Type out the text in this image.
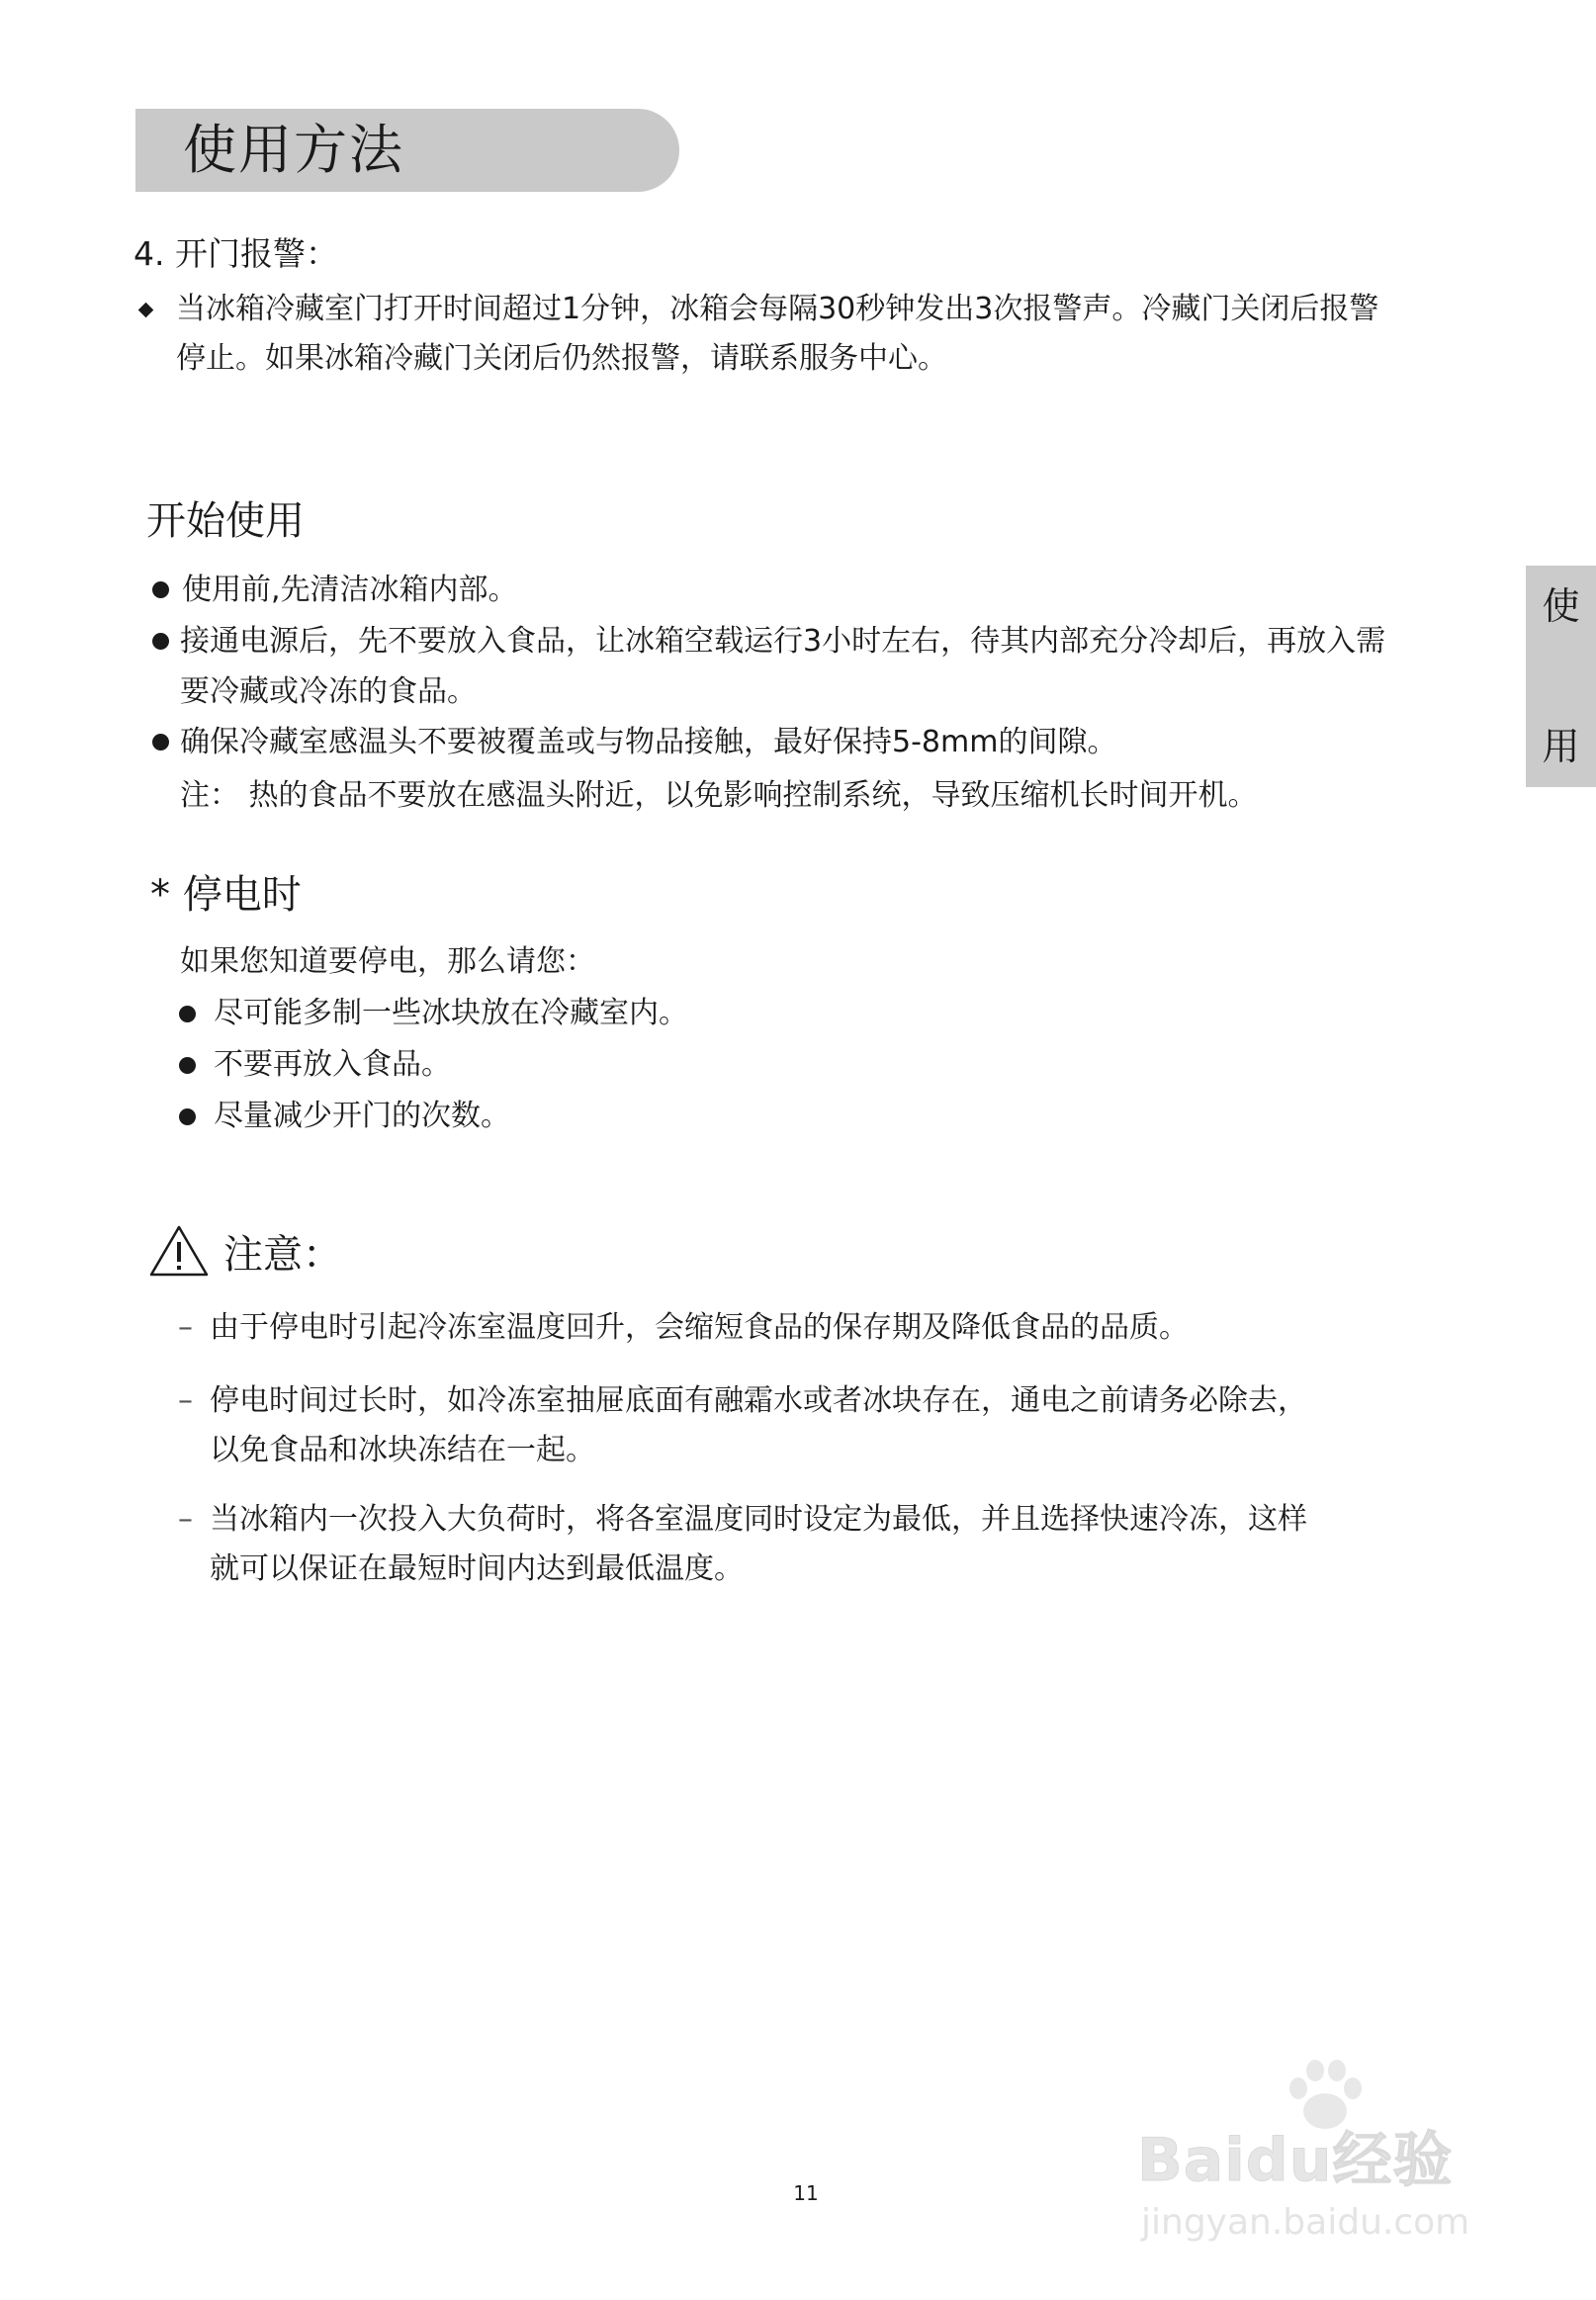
使用方法
使
用
4. 开门报警：
当冰箱冷藏室门打开时间超过1分钟，冰箱会每隔30秒钟发出3次报警声。冷藏门关闭后报警
停止。如果冰箱冷藏门关闭后仍然报警，请联系服务中心。
开始使用
使用前,先清洁冰箱内部。
接通电源后，先不要放入食品，让冰箱空载运行3小时左右，待其内部充分冷却后，再放入需
要冷藏或冷冻的食品。
确保冷藏室感温头不要被覆盖或与物品接触，最好保持5-8mm的间隙。
注： 热的食品不要放在感温头附近，以免影响控制系统，导致压缩机长时间开机。
* 停电时
如果您知道要停电，那么请您：
尽可能多制一些冰块放在冷藏室内。
不要再放入食品。
尽量减少开门的次数。
注意：
– 由于停电时引起冷冻室温度回升，会缩短食品的保存期及降低食品的品质。
– 停电时间过长时，如冷冻室抽屉底面有融霜水或者冰块存在，通电之前请务必除去，
以免食品和冰块冻结在一起。
– 当冰箱内一次投入大负荷时，将各室温度同时设定为最低，并且选择快速冷冻，这样
就可以保证在最短时间内达到最低温度。
11	Baidu经验
jingyan.baidu.com
